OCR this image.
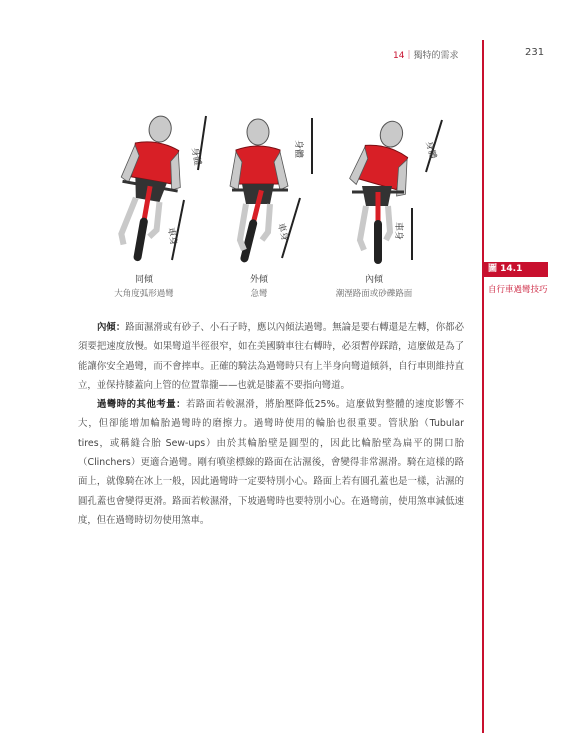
14｜獨特的需求	231
身體
車身
身體
車身
身體
車身
同傾
大角度弧形過彎
外傾
急彎
內傾
潮溼路面或砂礫路面
圖 14.1
自行車過彎技巧

內傾：路面濕滑或有砂子、小石子時，應以內傾法過彎。無論是要右轉還是左轉，你都必須要把速度放慢。如果彎道半徑很窄，如在美國騎車往右轉時，必須暫停踩踏，這麼做是為了能讓你安全過彎，而不會摔車。正確的騎法為過彎時只有上半身向彎道傾斜，自行車則維持直立，並保持膝蓋向上管的位置靠攏——也就是膝蓋不要指向彎道。

過彎時的其他考量：若路面若較濕滑，將胎壓降低25%。這麼做對整體的速度影響不大，但卻能增加輪胎過彎時的磨擦力。過彎時使用的輪胎也很重要。管狀胎（Tubular tires，或稱縫合胎 Sew-ups）由於其輪胎壁是圓型的，因此比輪胎壁為扁平的開口胎（Clinchers）更適合過彎。剛有噴塗標線的路面在沾濕後，會變得非常濕滑。騎在這樣的路面上，就像騎在冰上一般，因此過彎時一定要特別小心。路面上若有圓孔蓋也是一樣，沾濕的圓孔蓋也會變得更滑。路面若較濕滑，下坡過彎時也要特別小心。在過彎前，使用煞車減低速度，但在過彎時切勿使用煞車。
